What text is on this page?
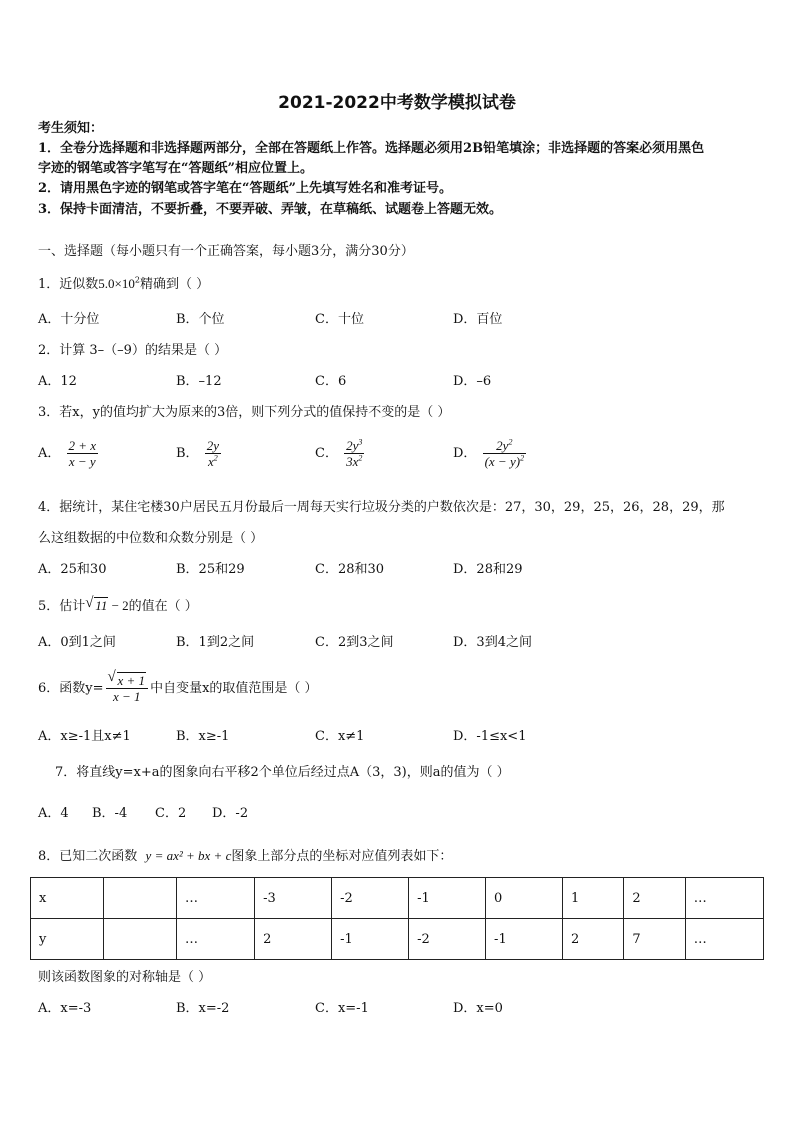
2021-2022中考数学模拟试卷
考生须知：
1．全卷分选择题和非选择题两部分，全部在答题纸上作答。选择题必须用2B铅笔填涂；非选择题的答案必须用黑色
字迹的钢笔或答字笔写在“答题纸”相应位置上。
2．请用黑色字迹的钢笔或答字笔在“答题纸”上先填写姓名和准考证号。
3．保持卡面清洁，不要折叠，不要弄破、弄皱，在草稿纸、试题卷上答题无效。
一、选择题（每小题只有一个正确答案，每小题3分，满分30分）
1．近似数$5.0\times 10^2$精确到（ ）
A．十分位	B．个位	C．十位	D．百位
2．计算 3–（–9）的结果是（ ）
A．12	B．–12	C．6	D．–6
3．若x，y的值均扩大为原来的3倍，则下列分式的值保持不变的是（ ）
A． $\frac{2 + x}{x - y}$	B． $\frac{2y}{x^2}$	C． $\frac{2y^3}{3x^2}$	D． $\frac{2y^2}{(x - y)^2}$
4．据统计，某住宅楼30户居民五月份最后一周每天实行垃圾分类的户数依次是：27，30，29，25，26，28，29，那
么这组数据的中位数和众数分别是（ ）
A．25和30	B．25和29	C．28和30	D．28和29
5．估计 √ 11 − 2的值在（ ）
A．0到1之间	B．1到2之间	C．2到3之间	D．3到4之间
6．函数$y= \frac{√ x + 1}{x - 1}$ 中自变量x的取值范围是（ ）
A．x≥-1且x≠1	B．x≥-1	C．x≠1	D．-1≤x<1
7．将直线y=x+a的图象向右平移2个单位后经过点A（3，3)，则a的值为（ ）
A．4 B．-4 C．2 D．-2
8．已知二次函数 y = ax² + bx + c图象上部分点的坐标对应值列表如下：
x		…	-3	-2	-1	0	1	2	…
y		…	2	-1	-2	-1	2	7	…
则该函数图象的对称轴是（ ）
A．x=-3	B．x=-2	C．x=-1	D．x=0
